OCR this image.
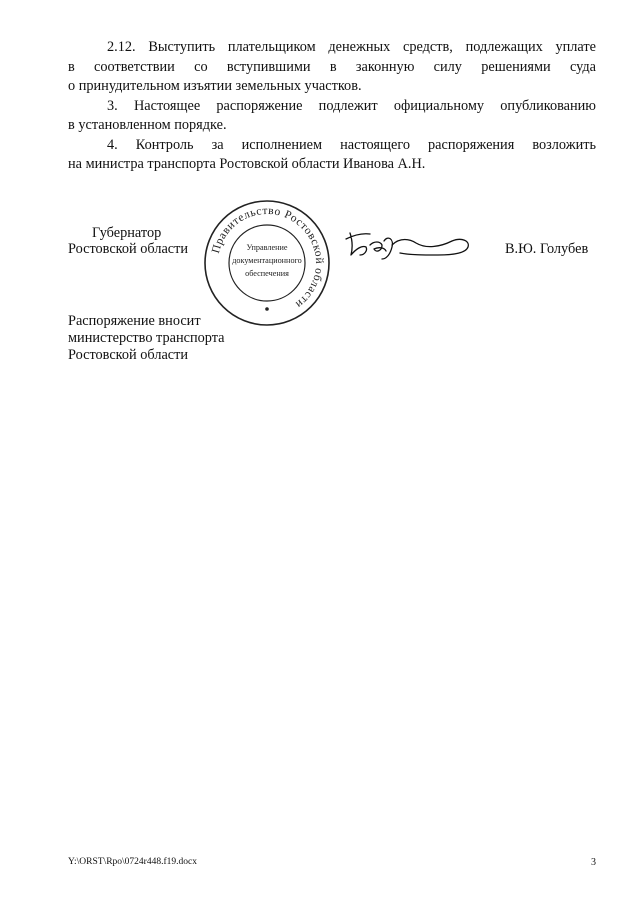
2.12. Выступить плательщиком денежных средств, подлежащих уплате
в соответствии со вступившими в законную силу решениями суда
о принудительном изъятии земельных участков.

3. Настоящее распоряжение подлежит официальному опубликованию
в установленном порядке.

4. Контроль за исполнением настоящего распоряжения возложить
на министра транспорта Ростовской области Иванова А.Н.

Губернатор
Ростовской области Правительство Ростовской области
Управление
документационного
обеспечения
В.Ю. Голубев
Распоряжение вносит
министерство транспорта
Ростовской области
Y:\ORST\Rpo\0724r448.f19.docx	3
